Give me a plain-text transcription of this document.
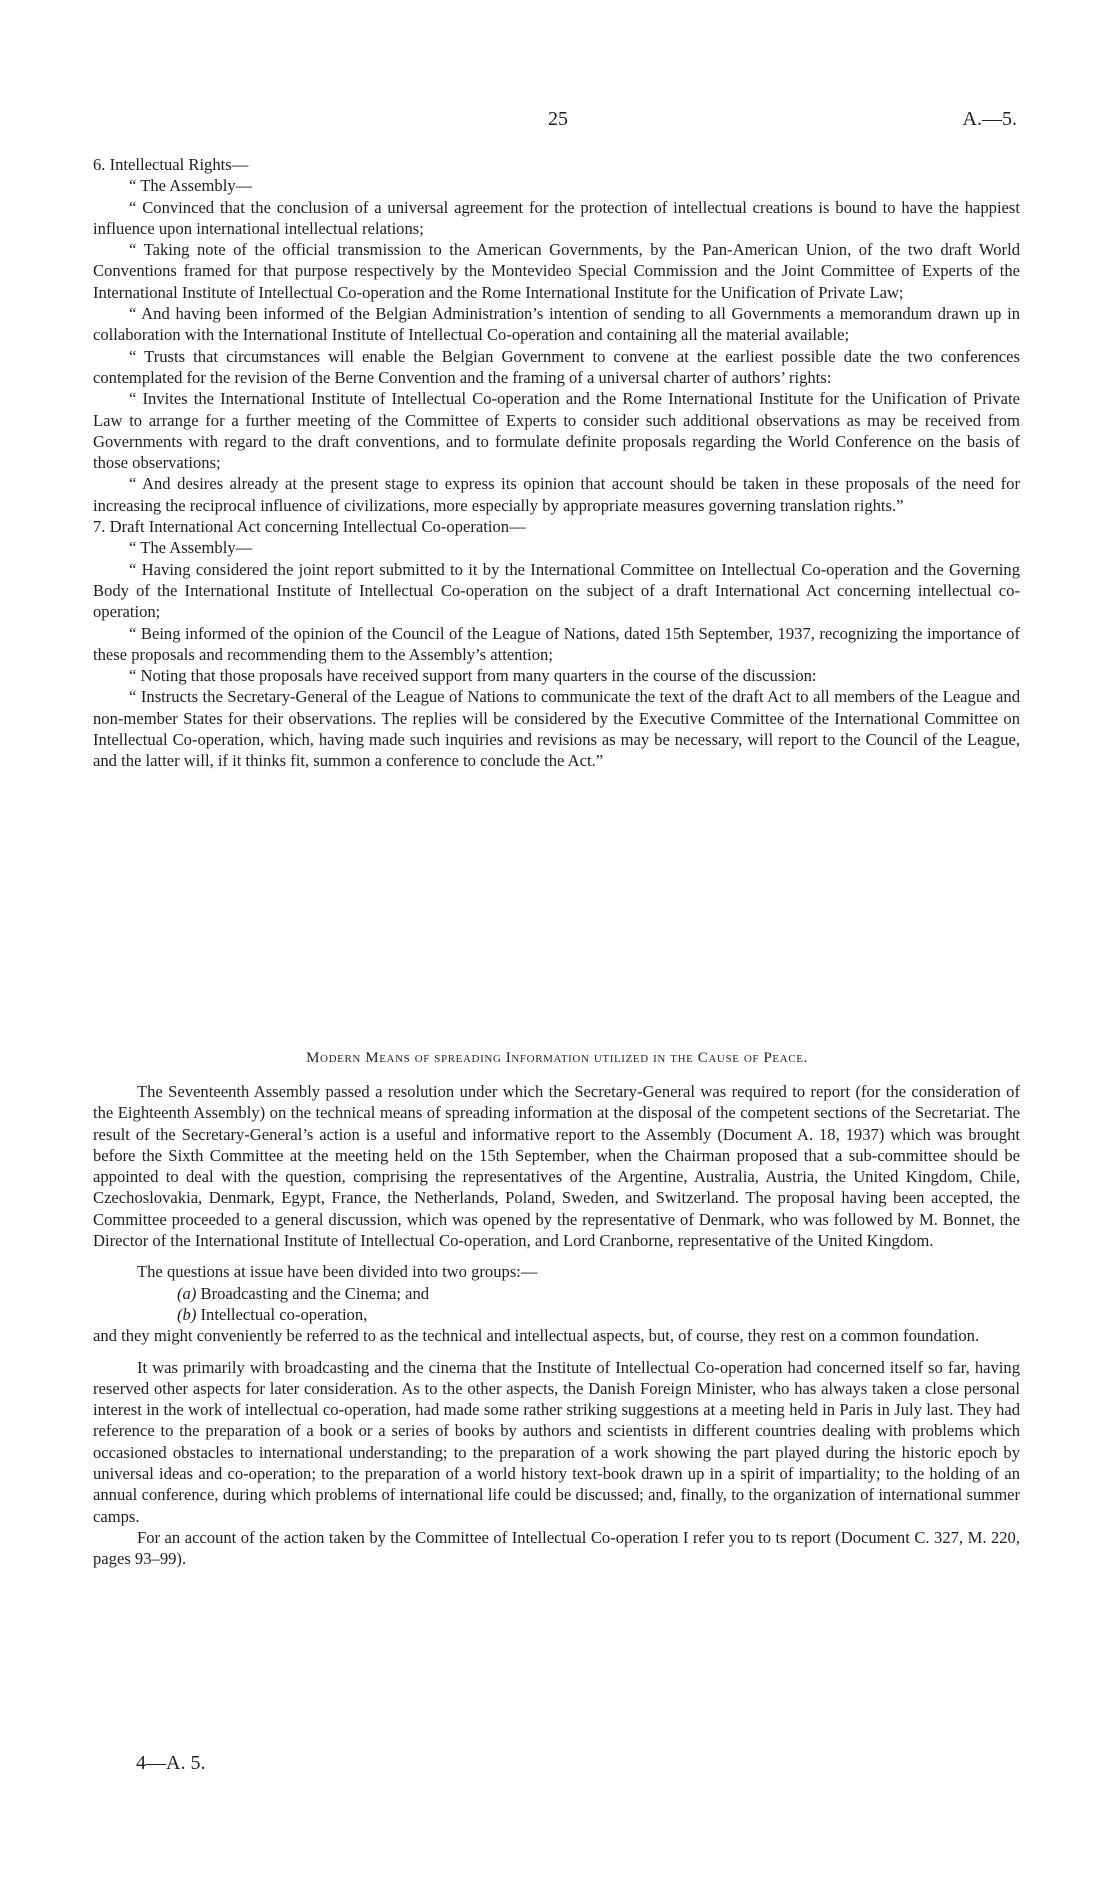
25	A.—5.

6. Intellectual Rights—

“ The Assembly—

“ Convinced that the conclusion of a universal agreement for the protection of intellectual creations is bound to have the happiest influence upon international intellectual relations;

“ Taking note of the official transmission to the American Governments, by the Pan-American Union, of the two draft World Conventions framed for that purpose respectively by the Montevideo Special Commission and the Joint Committee of Experts of the International Institute of Intellectual Co-operation and the Rome International Institute for the Unification of Private Law;

“ And having been informed of the Belgian Administration’s intention of sending to all Governments a memorandum drawn up in collaboration with the International Institute of Intellectual Co-operation and containing all the material available;

“ Trusts that circumstances will enable the Belgian Government to convene at the earliest possible date the two conferences contemplated for the revision of the Berne Convention and the framing of a universal charter of authors’ rights:

“ Invites the International Institute of Intellectual Co-operation and the Rome International Institute for the Unification of Private Law to arrange for a further meeting of the Committee of Experts to consider such additional observations as may be received from Governments with regard to the draft conventions, and to formulate definite proposals regarding the World Conference on the basis of those observations;

“ And desires already at the present stage to express its opinion that account should be taken in these proposals of the need for increasing the reciprocal influence of civilizations, more especially by appropriate measures governing translation rights.”

7. Draft International Act concerning Intellectual Co-operation—

“ The Assembly—

“ Having considered the joint report submitted to it by the International Committee on Intellectual Co-operation and the Governing Body of the International Institute of Intellectual Co-operation on the subject of a draft International Act concerning intellectual co-operation;

“ Being informed of the opinion of the Council of the League of Nations, dated 15th September, 1937, recognizing the importance of these proposals and recommending them to the Assembly’s attention;

“ Noting that those proposals have received support from many quarters in the course of the discussion:

“ Instructs the Secretary-General of the League of Nations to communicate the text of the draft Act to all members of the League and non-member States for their observations. The replies will be considered by the Executive Committee of the International Committee on Intellectual Co-operation, which, having made such inquiries and revisions as may be necessary, will report to the Council of the League, and the latter will, if it thinks fit, summon a conference to conclude the Act.”

Modern Means of spreading Information utilized in the Cause of Peace.

The Seventeenth Assembly passed a resolution under which the Secretary-General was required to report (for the consideration of the Eighteenth Assembly) on the technical means of spreading information at the disposal of the competent sections of the Secretariat. The result of the Secretary-General’s action is a useful and informative report to the Assembly (Document A. 18, 1937) which was brought before the Sixth Committee at the meeting held on the 15th September, when the Chairman proposed that a sub-committee should be appointed to deal with the question, comprising the representatives of the Argentine, Australia, Austria, the United Kingdom, Chile, Czechoslovakia, Denmark, Egypt, France, the Netherlands, Poland, Sweden, and Switzerland. The proposal having been accepted, the Committee proceeded to a general discussion, which was opened by the representative of Denmark, who was followed by M. Bonnet, the Director of the International Institute of Intellectual Co-operation, and Lord Cranborne, representative of the United Kingdom.

The questions at issue have been divided into two groups:—

(a) Broadcasting and the Cinema; and
(b) Intellectual co-operation,

and they might conveniently be referred to as the technical and intellectual aspects, but, of course, they rest on a common foundation.

It was primarily with broadcasting and the cinema that the Institute of Intellectual Co-operation had concerned itself so far, having reserved other aspects for later consideration. As to the other aspects, the Danish Foreign Minister, who has always taken a close personal interest in the work of intellectual co-operation, had made some rather striking suggestions at a meeting held in Paris in July last. They had reference to the preparation of a book or a series of books by authors and scientists in different countries dealing with problems which occasioned obstacles to international understanding; to the preparation of a work showing the part played during the historic epoch by universal ideas and co-operation; to the preparation of a world history text-book drawn up in a spirit of impartiality; to the holding of an annual conference, during which problems of international life could be discussed; and, finally, to the organization of international summer camps.

For an account of the action taken by the Committee of Intellectual Co-operation I refer you to ts report (Document C. 327, M. 220, pages 93–99).

4—A. 5.
